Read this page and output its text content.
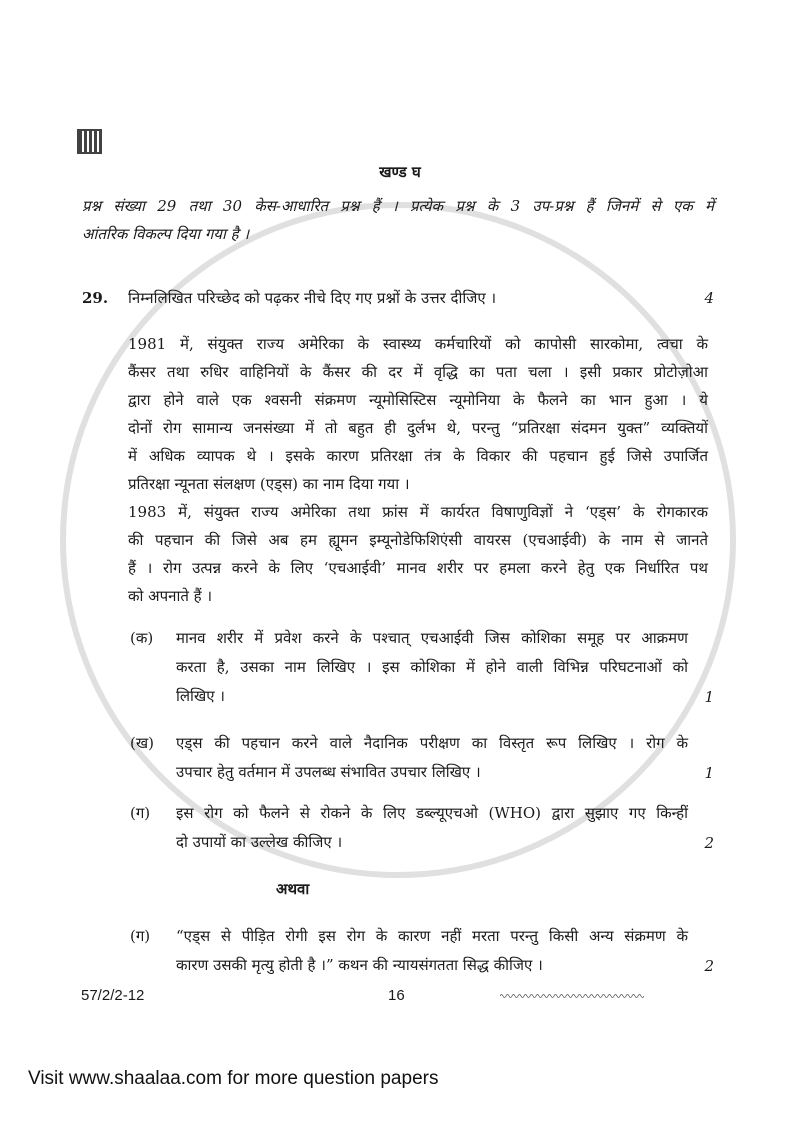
खण्ड घ
प्रश्न संख्या 29 तथा 30 केस-आधारित प्रश्न हैं । प्रत्येक प्रश्न के 3 उप-प्रश्न हैं जिनमें से एक में
आंतरिक विकल्प दिया गया है ।
29.	निम्नलिखित परिच्छेद को पढ़कर नीचे दिए गए प्रश्नों के उत्तर दीजिए ।	4
1981 में, संयुक्त राज्य अमेरिका के स्वास्थ्य कर्मचारियों को कापोसी सारकोमा, त्वचा के
कैंसर तथा रुधिर वाहिनियों के कैंसर की दर में वृद्धि का पता चला । इसी प्रकार प्रोटोज़ोआ
द्वारा होने वाले एक श्वसनी संक्रमण न्यूमोसिस्टिस न्यूमोनिया के फैलने का भान हुआ । ये
दोनों रोग सामान्य जनसंख्या में तो बहुत ही दुर्लभ थे, परन्तु “प्रतिरक्षा संदमन युक्त” व्यक्तियों
में अधिक व्यापक थे । इसके कारण प्रतिरक्षा तंत्र के विकार की पहचान हुई जिसे उपार्जित
प्रतिरक्षा न्यूनता संलक्षण (एड्स) का नाम दिया गया ।
1983 में, संयुक्त राज्य अमेरिका तथा फ्रांस में कार्यरत विषाणुविज्ञों ने ‘एड्स’ के रोगकारक
की पहचान की जिसे अब हम ह्यूमन इम्यूनोडेफिशिएंसी वायरस (एचआईवी) के नाम से जानते
हैं । रोग उत्पन्न करने के लिए ‘एचआईवी’ मानव शरीर पर हमला करने हेतु एक निर्धारित पथ
को अपनाते हैं ।
(क)	मानव शरीर में प्रवेश करने के पश्चात् एचआईवी जिस कोशिका समूह पर आक्रमण
करता है, उसका नाम लिखिए । इस कोशिका में होने वाली विभिन्न परिघटनाओं को
लिखिए ।	1
(ख)	एड्स की पहचान करने वाले नैदानिक परीक्षण का विस्तृत रूप लिखिए । रोग के
उपचार हेतु वर्तमान में उपलब्ध संभावित उपचार लिखिए ।	1
(ग)	इस रोग को फैलने से रोकने के लिए डब्ल्यूएचओ (WHO) द्वारा सुझाए गए किन्हीं
दो उपायों का उल्लेख कीजिए ।	2
अथवा
(ग)	“एड्स से पीड़ित रोगी इस रोग के कारण नहीं मरता परन्तु किसी अन्य संक्रमण के
कारण उसकी मृत्यु होती है ।” कथन की न्यायसंगतता सिद्ध कीजिए ।	2
57/2/2-12	16
Visit www.shaalaa.com for more question papers
